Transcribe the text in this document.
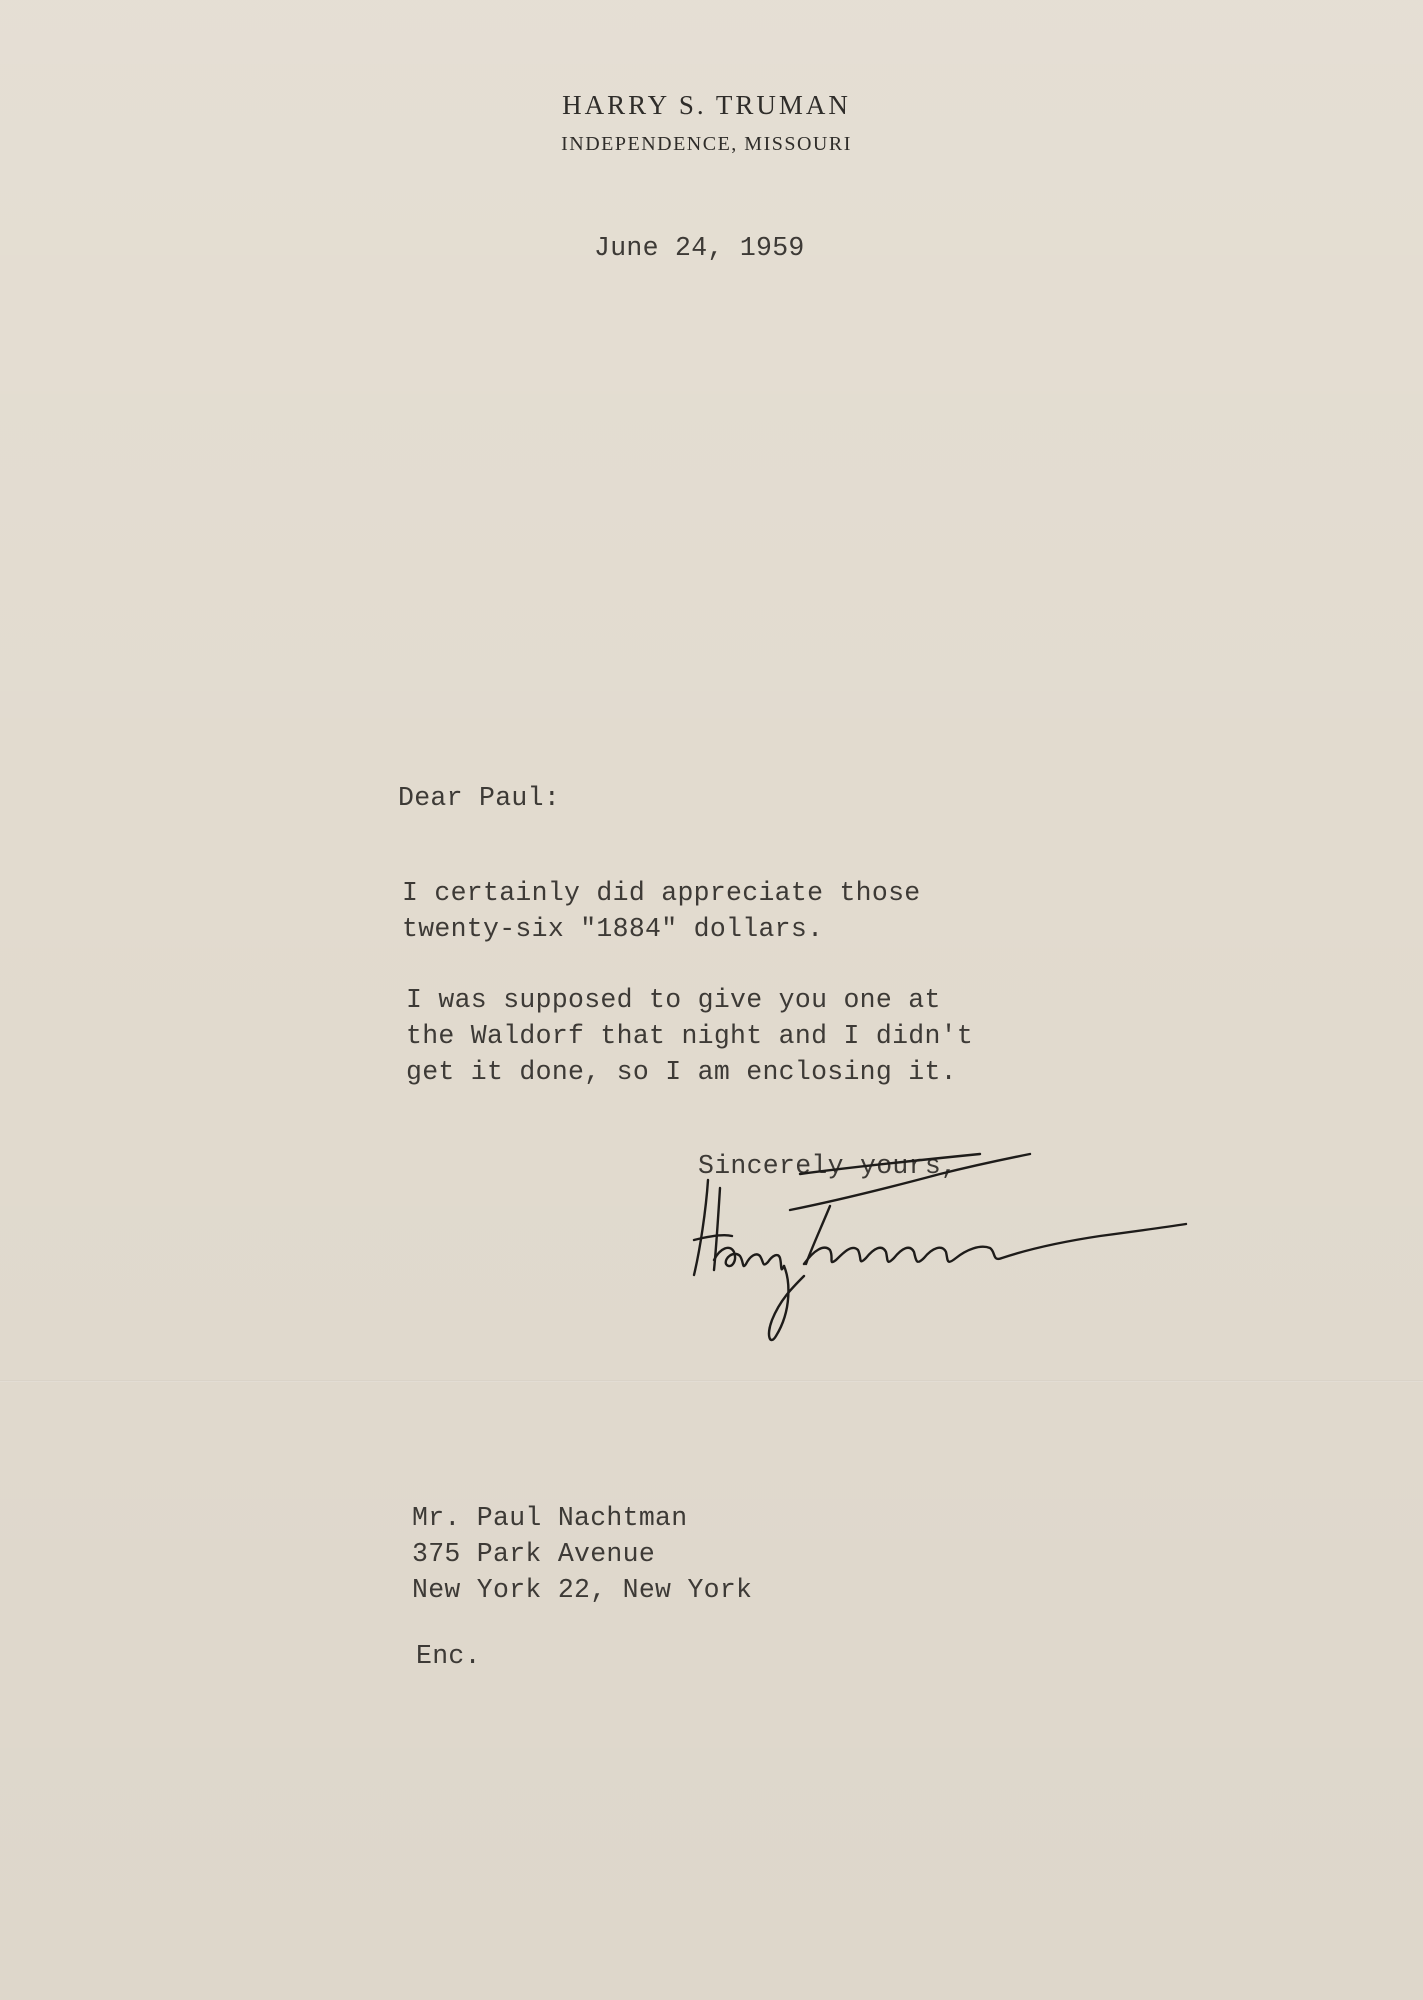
HARRY S. TRUMAN
INDEPENDENCE, MISSOURI
June 24, 1959
Dear Paul:
I certainly did appreciate those
twenty-six "1884" dollars.
I was supposed to give you one at
the Waldorf that night and I didn't
get it done, so I am enclosing it.
Sincerely yours,
Mr. Paul Nachtman
375 Park Avenue
New York 22, New York
Enc.
